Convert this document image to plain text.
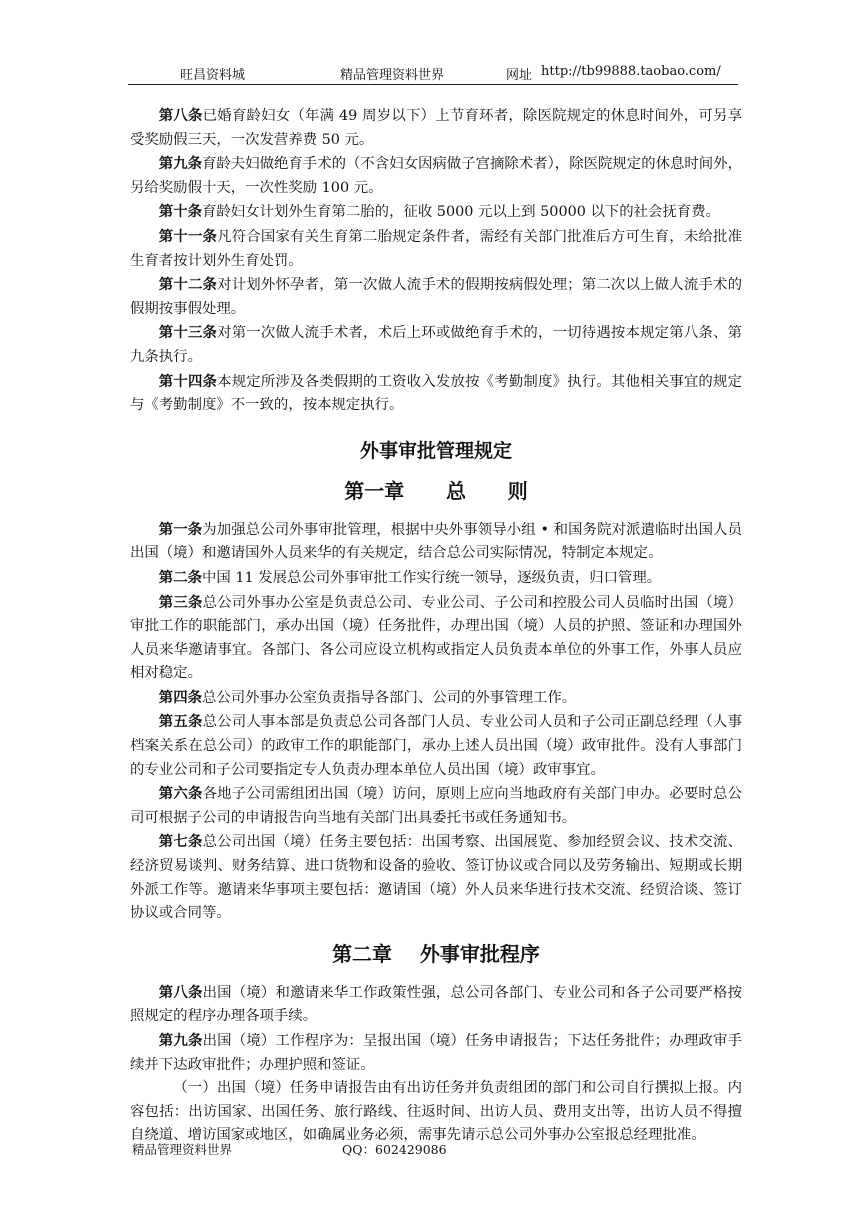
旺昌资料城	精品管理资料世界	网址 http://tb99888.taobao.com/

第八条已婚育龄妇女（年满 49 周岁以下）上节育环者，除医院规定的休息时间外，可另享受奖励假三天，一次发营养费 50 元。

第九条育龄夫妇做绝育手术的（不含妇女因病做子宫摘除术者），除医院规定的休息时间外，另给奖励假十天，一次性奖励 100 元。

第十条育龄妇女计划外生育第二胎的，征收 5000 元以上到 50000 以下的社会抚育费。

第十一条凡符合国家有关生育第二胎规定条件者，需经有关部门批准后方可生育，未给批准生育者按计划外生育处罚。

第十二条对计划外怀孕者，第一次做人流手术的假期按病假处理；第二次以上做人流手术的假期按事假处理。

第十三条对第一次做人流手术者，术后上环或做绝育手术的，一切待遇按本规定第八条、第九条执行。

第十四条本规定所涉及各类假期的工资收入发放按《考勤制度》执行。其他相关事宜的规定与《考勤制度》不一致的，按本规定执行。

外事审批管理规定
第一章      总      则

第一条为加强总公司外事审批管理，根据中央外事领导小组 • 和国务院对派遣临时出国人员出国（境）和邀请国外人员来华的有关规定，结合总公司实际情况，特制定本规定。

第二条中国 11 发展总公司外事审批工作实行统一领导，逐级负责，归口管理。

第三条总公司外事办公室是负责总公司、专业公司、子公司和控股公司人员临时出国（境）审批工作的职能部门，承办出国（境）任务批件，办理出国（境）人员的护照、签证和办理国外人员来华邀请事宜。各部门、各公司应设立机构或指定人员负责本单位的外事工作，外事人员应相对稳定。

第四条总公司外事办公室负责指导各部门、公司的外事管理工作。

第五条总公司人事本部是负责总公司各部门人员、专业公司人员和子公司正副总经理（人事档案关系在总公司）的政审工作的职能部门，承办上述人员出国（境）政审批件。没有人事部门的专业公司和子公司要指定专人负责办理本单位人员出国（境）政审事宜。

第六条各地子公司需组团出国（境）访问，原则上应向当地政府有关部门申办。必要时总公司可根据子公司的申请报告向当地有关部门出具委托书或任务通知书。

第七条总公司出国（境）任务主要包括：出国考察、出国展览、参加经贸会议、技术交流、经济贸易谈判、财务结算、进口货物和设备的验收、签订协议或合同以及劳务输出、短期或长期外派工作等。邀请来华事项主要包括：邀请国（境）外人员来华进行技术交流、经贸洽谈、签订协议或合同等。

第二章    外事审批程序

第八条出国（境）和邀请来华工作政策性强，总公司各部门、专业公司和各子公司要严格按照规定的程序办理各项手续。

第九条出国（境）工作程序为：呈报出国（境）任务申请报告；下达任务批件；办理政审手续并下达政审批件；办理护照和签证。

（一）出国（境）任务申请报告由有出访任务并负责组团的部门和公司自行撰拟上报。内容包括：出访国家、出国任务、旅行路线、往返时间、出访人员、费用支出等，出访人员不得擅自绕道、增访国家或地区，如确属业务必须，需事先请示总公司外事办公室报总经理批准。

精品管理资料世界	QQ：602429086
